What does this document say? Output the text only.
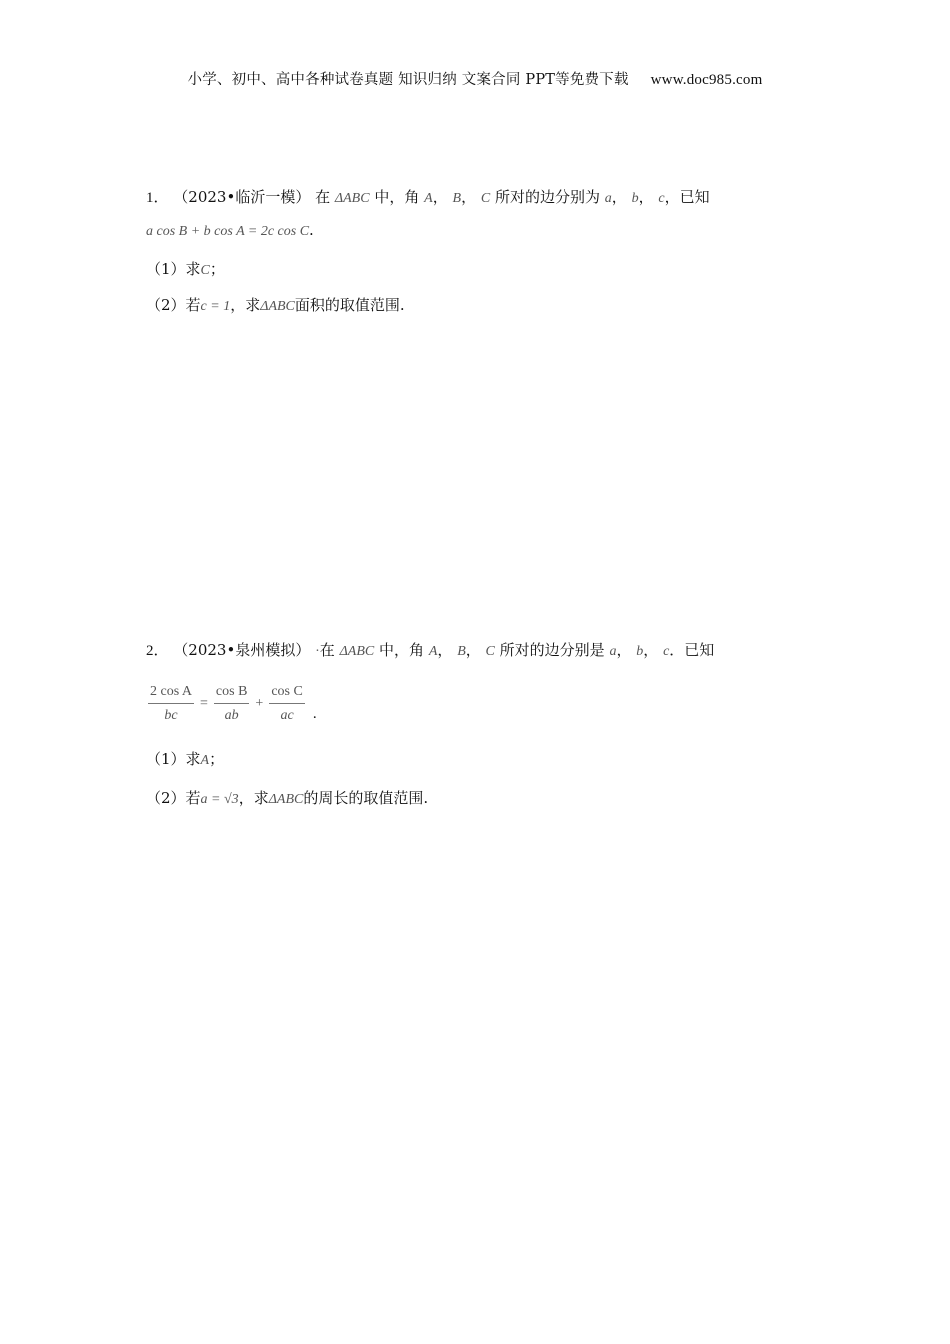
小学、初中、高中各种试卷真题 知识归纳 文案合同 PPT等免费下载 www.doc985.com
1． （2023•临沂一模） 在 ΔABC 中，角 A， B， C 所对的边分别为 a， b， c，已知
a cos B + b cos A = 2c cos C.
（1）求C；
（2）若c = 1，求ΔABC面积的取值范围.
2． （2023•泉州模拟） ·在 ΔABC 中，角 A， B， C 所对的边分别是 a， b， c．已知
$\frac{\text{2 cos A}}{bc} = \frac{\text{cos B}}{ab} + \frac{\text{cos C}}{ac}$ .
（1）求A；
（2）若a = √3，求ΔABC的周长的取值范围.
